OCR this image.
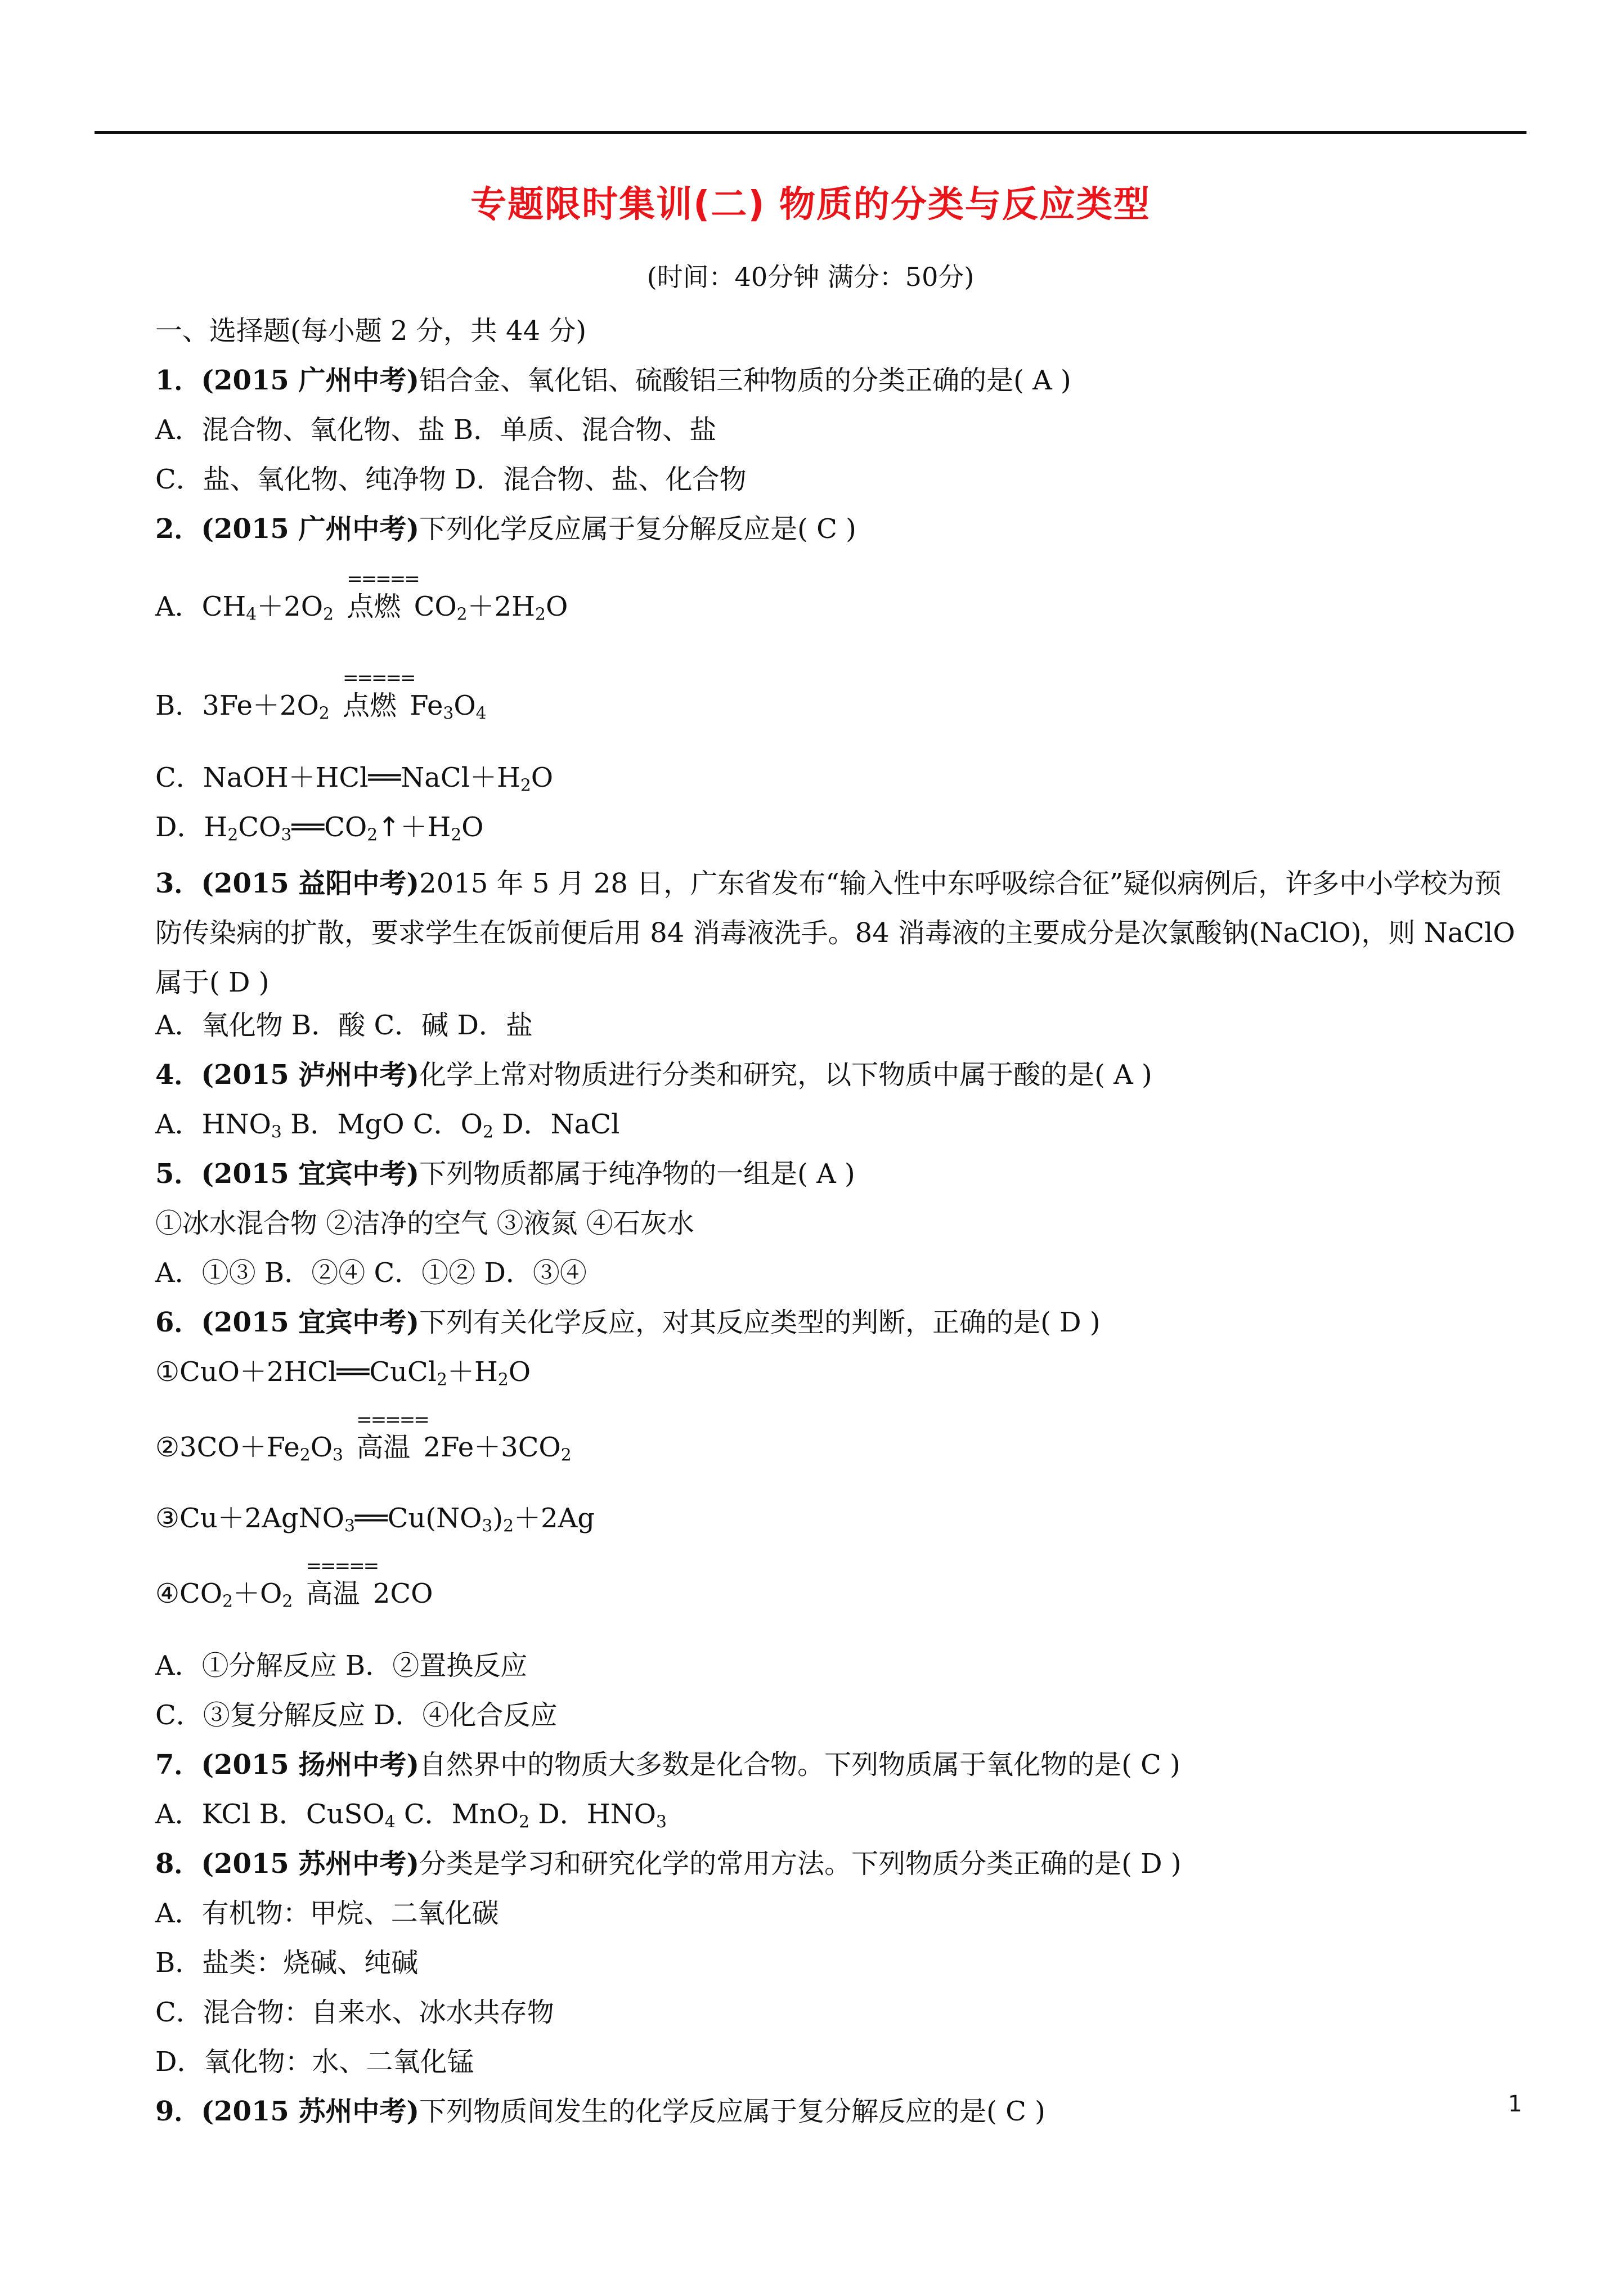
专题限时集训(二) 物质的分类与反应类型
(时间：40分钟 满分：50分)
一、选择题(每小题 2 分，共 44 分)
1．(2015 广州中考)铝合金、氧化铝、硫酸铝三种物质的分类正确的是( A )
A．混合物、氧化物、盐 B．单质、混合物、盐
C．盐、氧化物、纯净物 D．混合物、盐、化合物
2．(2015 广州中考)下列化学反应属于复分解反应是( C )
A．$CH_4+2O_2$
=====
点燃 $CO_2+2H_2O$
B．$3Fe+2O_2$
=====
点燃 $Fe_3O_4$
C．$NaOH+HCl══NaCl+H_2O$
D．$H_2CO_3══CO_2↑+H_2O$
3．(2015 益阳中考)2015 年 5 月 28 日，广东省发布“输入性中东呼吸综合征”疑似病例后，许多中小学校为预防传染病的扩散，要求学生在饭前便后用 84 消毒液洗手。84 消毒液的主要成分是次氯酸钠(NaClO)，则 NaClO 属于( D )
A．氧化物 B．酸 C．碱 D．盐
4．(2015 泸州中考)化学上常对物质进行分类和研究，以下物质中属于酸的是( A )
A．$HNO_3$ B．MgO C．$O_2$ D．NaCl
5．(2015 宜宾中考)下列物质都属于纯净物的一组是( A )
①冰水混合物 ②洁净的空气 ③液氮 ④石灰水
A．①③ B．②④ C．①② D．③④
6．(2015 宜宾中考)下列有关化学反应，对其反应类型的判断，正确的是( D )
$①CuO+2HCl══CuCl_2+H_2O$
$②3CO+Fe_2O_3$
=====
高温 $2Fe+3CO_2$
$③Cu+2AgNO_3══Cu(NO_3)_2+2Ag$
$④CO_2+O_2$
=====
高温 2CO
A．①分解反应 B．②置换反应
C．③复分解反应 D．④化合反应
7．(2015 扬州中考)自然界中的物质大多数是化合物。下列物质属于氧化物的是( C )
A．KCl B．CuSO$_4$ C．MnO$_2$ D．$HNO_3$
8．(2015 苏州中考)分类是学习和研究化学的常用方法。下列物质分类正确的是( D )
A．有机物：甲烷、二氧化碳
B．盐类：烧碱、纯碱
C．混合物：自来水、冰水共存物
D．氧化物：水、二氧化锰
9．(2015 苏州中考)下列物质间发生的化学反应属于复分解反应的是( C )	1
